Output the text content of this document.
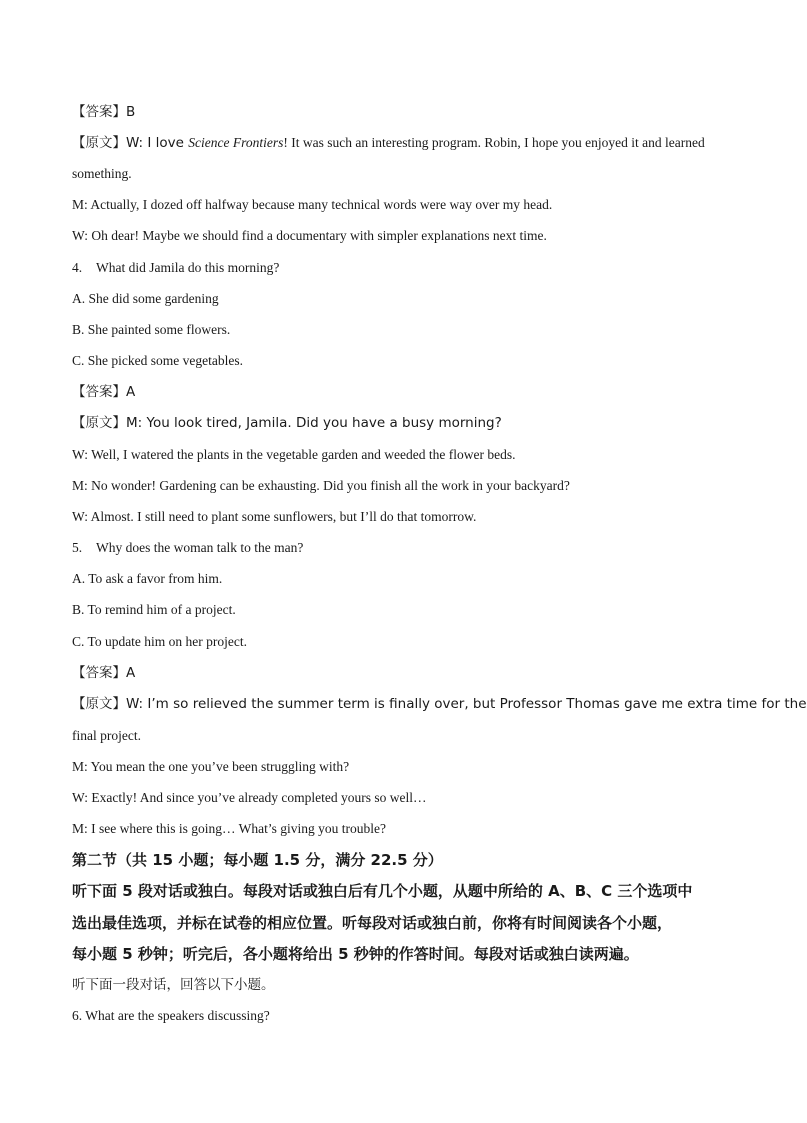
【答案】B
【原文】W: I love Science Frontiers! It was such an interesting program. Robin, I hope you enjoyed it and learned
something.
M: Actually, I dozed off halfway because many technical words were way over my head.
W: Oh dear! Maybe we should find a documentary with simpler explanations next time.
4. What did Jamila do this morning?
A. She did some gardening
B. She painted some flowers.
C. She picked some vegetables.
【答案】A
【原文】M: You look tired, Jamila. Did you have a busy morning?
W: Well, I watered the plants in the vegetable garden and weeded the flower beds.
M: No wonder! Gardening can be exhausting. Did you finish all the work in your backyard?
W: Almost. I still need to plant some sunflowers, but I’ll do that tomorrow.
5. Why does the woman talk to the man?
A. To ask a favor from him.
B. To remind him of a project.
C. To update him on her project.
【答案】A
【原文】W: I’m so relieved the summer term is finally over, but Professor Thomas gave me extra time for the
final project.
M: You mean the one you’ve been struggling with?
W: Exactly! And since you’ve already completed yours so well…
M: I see where this is going… What’s giving you trouble?
第二节（共 15 小题；每小题 1.5 分，满分 22.5 分）
听下面 5 段对话或独白。每段对话或独白后有几个小题，从题中所给的 A、B、C 三个选项中
选出最佳选项，并标在试卷的相应位置。听每段对话或独白前，你将有时间阅读各个小题，
每小题 5 秒钟；听完后，各小题将给出 5 秒钟的作答时间。每段对话或独白读两遍。
听下面一段对话，回答以下小题。
6. What are the speakers discussing?
